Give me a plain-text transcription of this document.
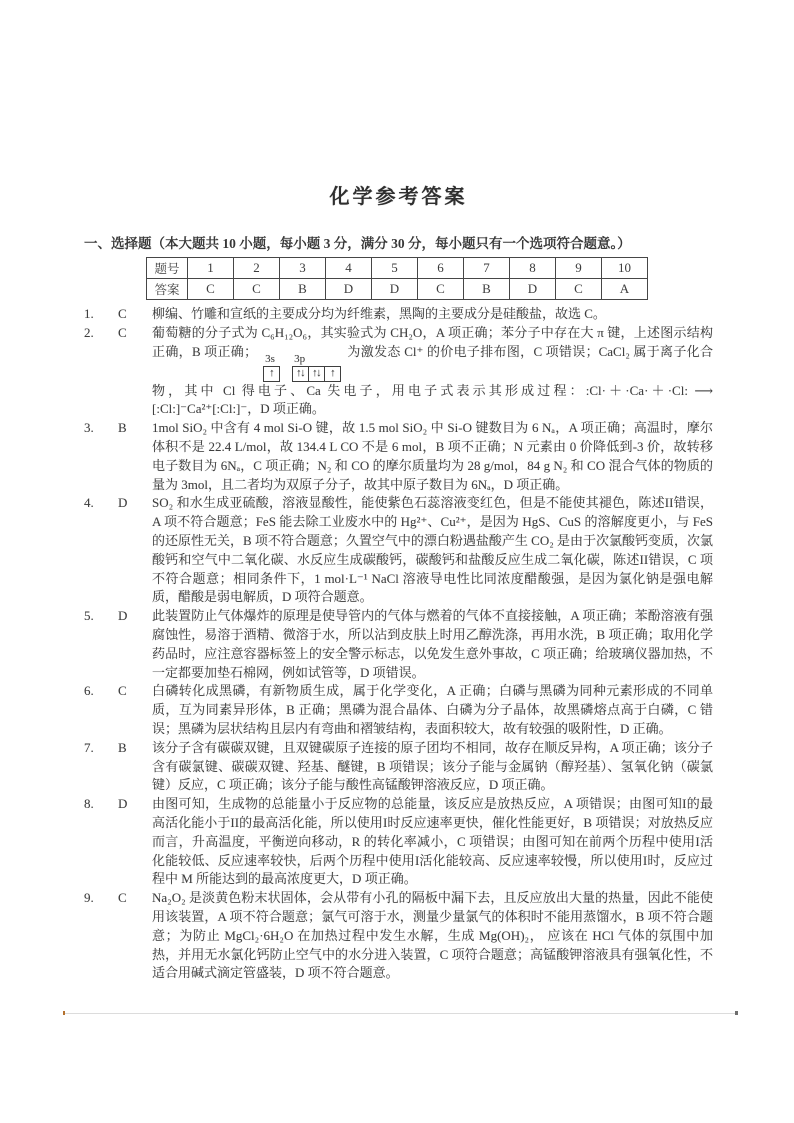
化学参考答案
一、选择题（本大题共 10 小题，每小题 3 分，满分 30 分，每小题只有一个选项符合题意。）
题号	1	2	3	4	5	6	7	8	9	10
答案	C	C	B	D	D	C	B	D	C	A
1.	C	柳编、竹雕和宣纸的主要成分均为纤维素，黑陶的主要成分是硅酸盐，故选 C。
2.	C	葡萄糖的分子式为 C₆H₁₂O₆，其实验式为 CH₂O，A 项正确；苯分子中存在大 π 键，上述图示结构正确，B 项正确； 3s
↑
3p
↑↓ ↑↓ ↑
为激发态 Cl⁺ 的价电子排布图，C 项错误；CaCl₂ 属于离子化合物，其中 Cl 得电子、Ca 失电子，用电子式表示其形成过程：:Cl·＋·Ca·＋·Cl: ⟶ [:Cl:]⁻Ca²⁺[:Cl:]⁻，D 项正确。
3.	B	1mol SiO₂ 中含有 4 mol Si-O 键，故 1.5 mol SiO₂ 中 Si-O 键数目为 6 Nₐ，A 项正确；高温时，摩尔体积不是 22.4 L/mol，故 134.4 L CO 不是 6 mol，B 项不正确；N 元素由 0 价降低到-3 价，故转移电子数目为 6Nₐ，C 项正确；N₂ 和 CO 的摩尔质量均为 28 g/mol，84 g N₂ 和 CO 混合气体的物质的量为 3mol，且二者均为双原子分子，故其中原子数目为 6Nₐ，D 项正确。
4.	D	SO₂ 和水生成亚硫酸，溶液显酸性，能使紫色石蕊溶液变红色，但是不能使其褪色，陈述II错误，A 项不符合题意；FeS 能去除工业废水中的 Hg²⁺、Cu²⁺，是因为 HgS、CuS 的溶解度更小，与 FeS 的还原性无关，B 项不符合题意；久置空气中的漂白粉遇盐酸产生 CO₂ 是由于次氯酸钙变质，次氯酸钙和空气中二氧化碳、水反应生成碳酸钙，碳酸钙和盐酸反应生成二氧化碳，陈述II错误，C 项不符合题意；相同条件下，1 mol·L⁻¹ NaCl 溶液导电性比同浓度醋酸强，是因为氯化钠是强电解质，醋酸是弱电解质，D 项符合题意。
5.	D	此装置防止气体爆炸的原理是使导管内的气体与燃着的气体不直接接触，A 项正确；苯酚溶液有强腐蚀性，易溶于酒精、微溶于水，所以沾到皮肤上时用乙醇洗涤，再用水洗，B 项正确；取用化学药品时，应注意容器标签上的安全警示标志，以免发生意外事故，C 项正确；给玻璃仪器加热，不一定都要加垫石棉网，例如试管等，D 项错误。
6.	C	白磷转化成黑磷，有新物质生成，属于化学变化，A 正确；白磷与黑磷为同种元素形成的不同单质，互为同素异形体，B 正确；黑磷为混合晶体、白磷为分子晶体，故黑磷熔点高于白磷，C 错误；黑磷为层状结构且层内有弯曲和褶皱结构，表面积较大，故有较强的吸附性，D 正确。
7.	B	该分子含有碳碳双键，且双键碳原子连接的原子团均不相同，故存在顺反异构，A 项正确；该分子含有碳氯键、碳碳双键、羟基、醚键，B 项错误；该分子能与金属钠（醇羟基）、氢氧化钠（碳氯键）反应，C 项正确；该分子能与酸性高锰酸钾溶液反应，D 项正确。
8.	D	由图可知，生成物的总能量小于反应物的总能量，该反应是放热反应，A 项错误；由图可知I的最高活化能小于II的最高活化能，所以使用I时反应速率更快，催化性能更好，B 项错误；对放热反应而言，升高温度，平衡逆向移动，R 的转化率减小，C 项错误；由图可知在前两个历程中使用I活化能较低、反应速率较快，后两个历程中使用I活化能较高、反应速率较慢，所以使用I时，反应过程中 M 所能达到的最高浓度更大，D 项正确。
9.	C	Na₂O₂ 是淡黄色粉末状固体，会从带有小孔的隔板中漏下去，且反应放出大量的热量，因此不能使用该装置，A 项不符合题意；氯气可溶于水，测量少量氯气的体积时不能用蒸馏水，B 项不符合题意；为防止 MgCl₂·6H₂O 在加热过程中发生水解，生成 Mg(OH)₂， 应该在 HCl 气体的氛围中加热，并用无水氯化钙防止空气中的水分进入装置，C 项符合题意；高锰酸钾溶液具有强氧化性，不适合用碱式滴定管盛装，D 项不符合题意。
